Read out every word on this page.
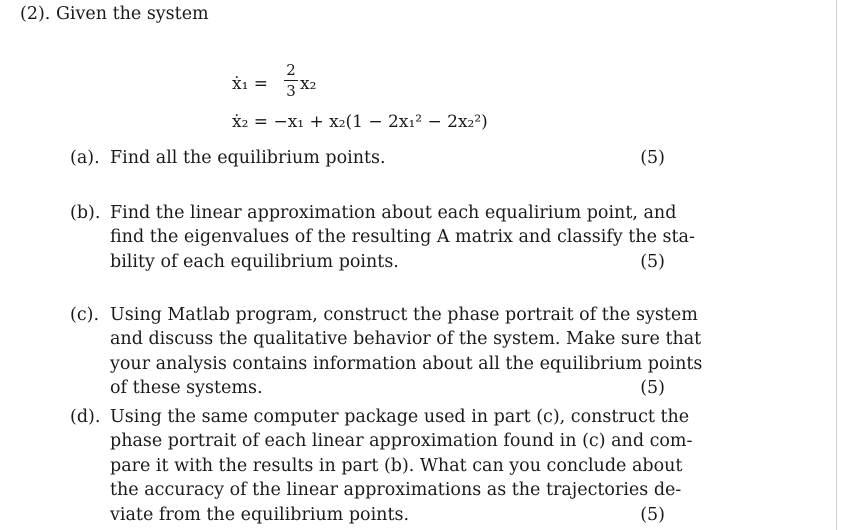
(2). Given the system
ẋ₁ =
2
3 x₂
ẋ₂ = −x₁ + x₂(1 − 2x₁² − 2x₂²)
(a). Find all the equilibrium points.	(5)
(b). Find the linear approximation about each equalirium point, and
find the eigenvalues of the resulting A matrix and classify the sta-
bility of each equilibrium points.	(5)
(c). Using Matlab program, construct the phase portrait of the system
and discuss the qualitative behavior of the system. Make sure that
your analysis contains information about all the equilibrium points
of these systems.	(5)
(d). Using the same computer package used in part (c), construct the
phase portrait of each linear approximation found in (c) and com-
pare it with the results in part (b). What can you conclude about
the accuracy of the linear approximations as the trajectories de-
viate from the equilibrium points.	(5)
